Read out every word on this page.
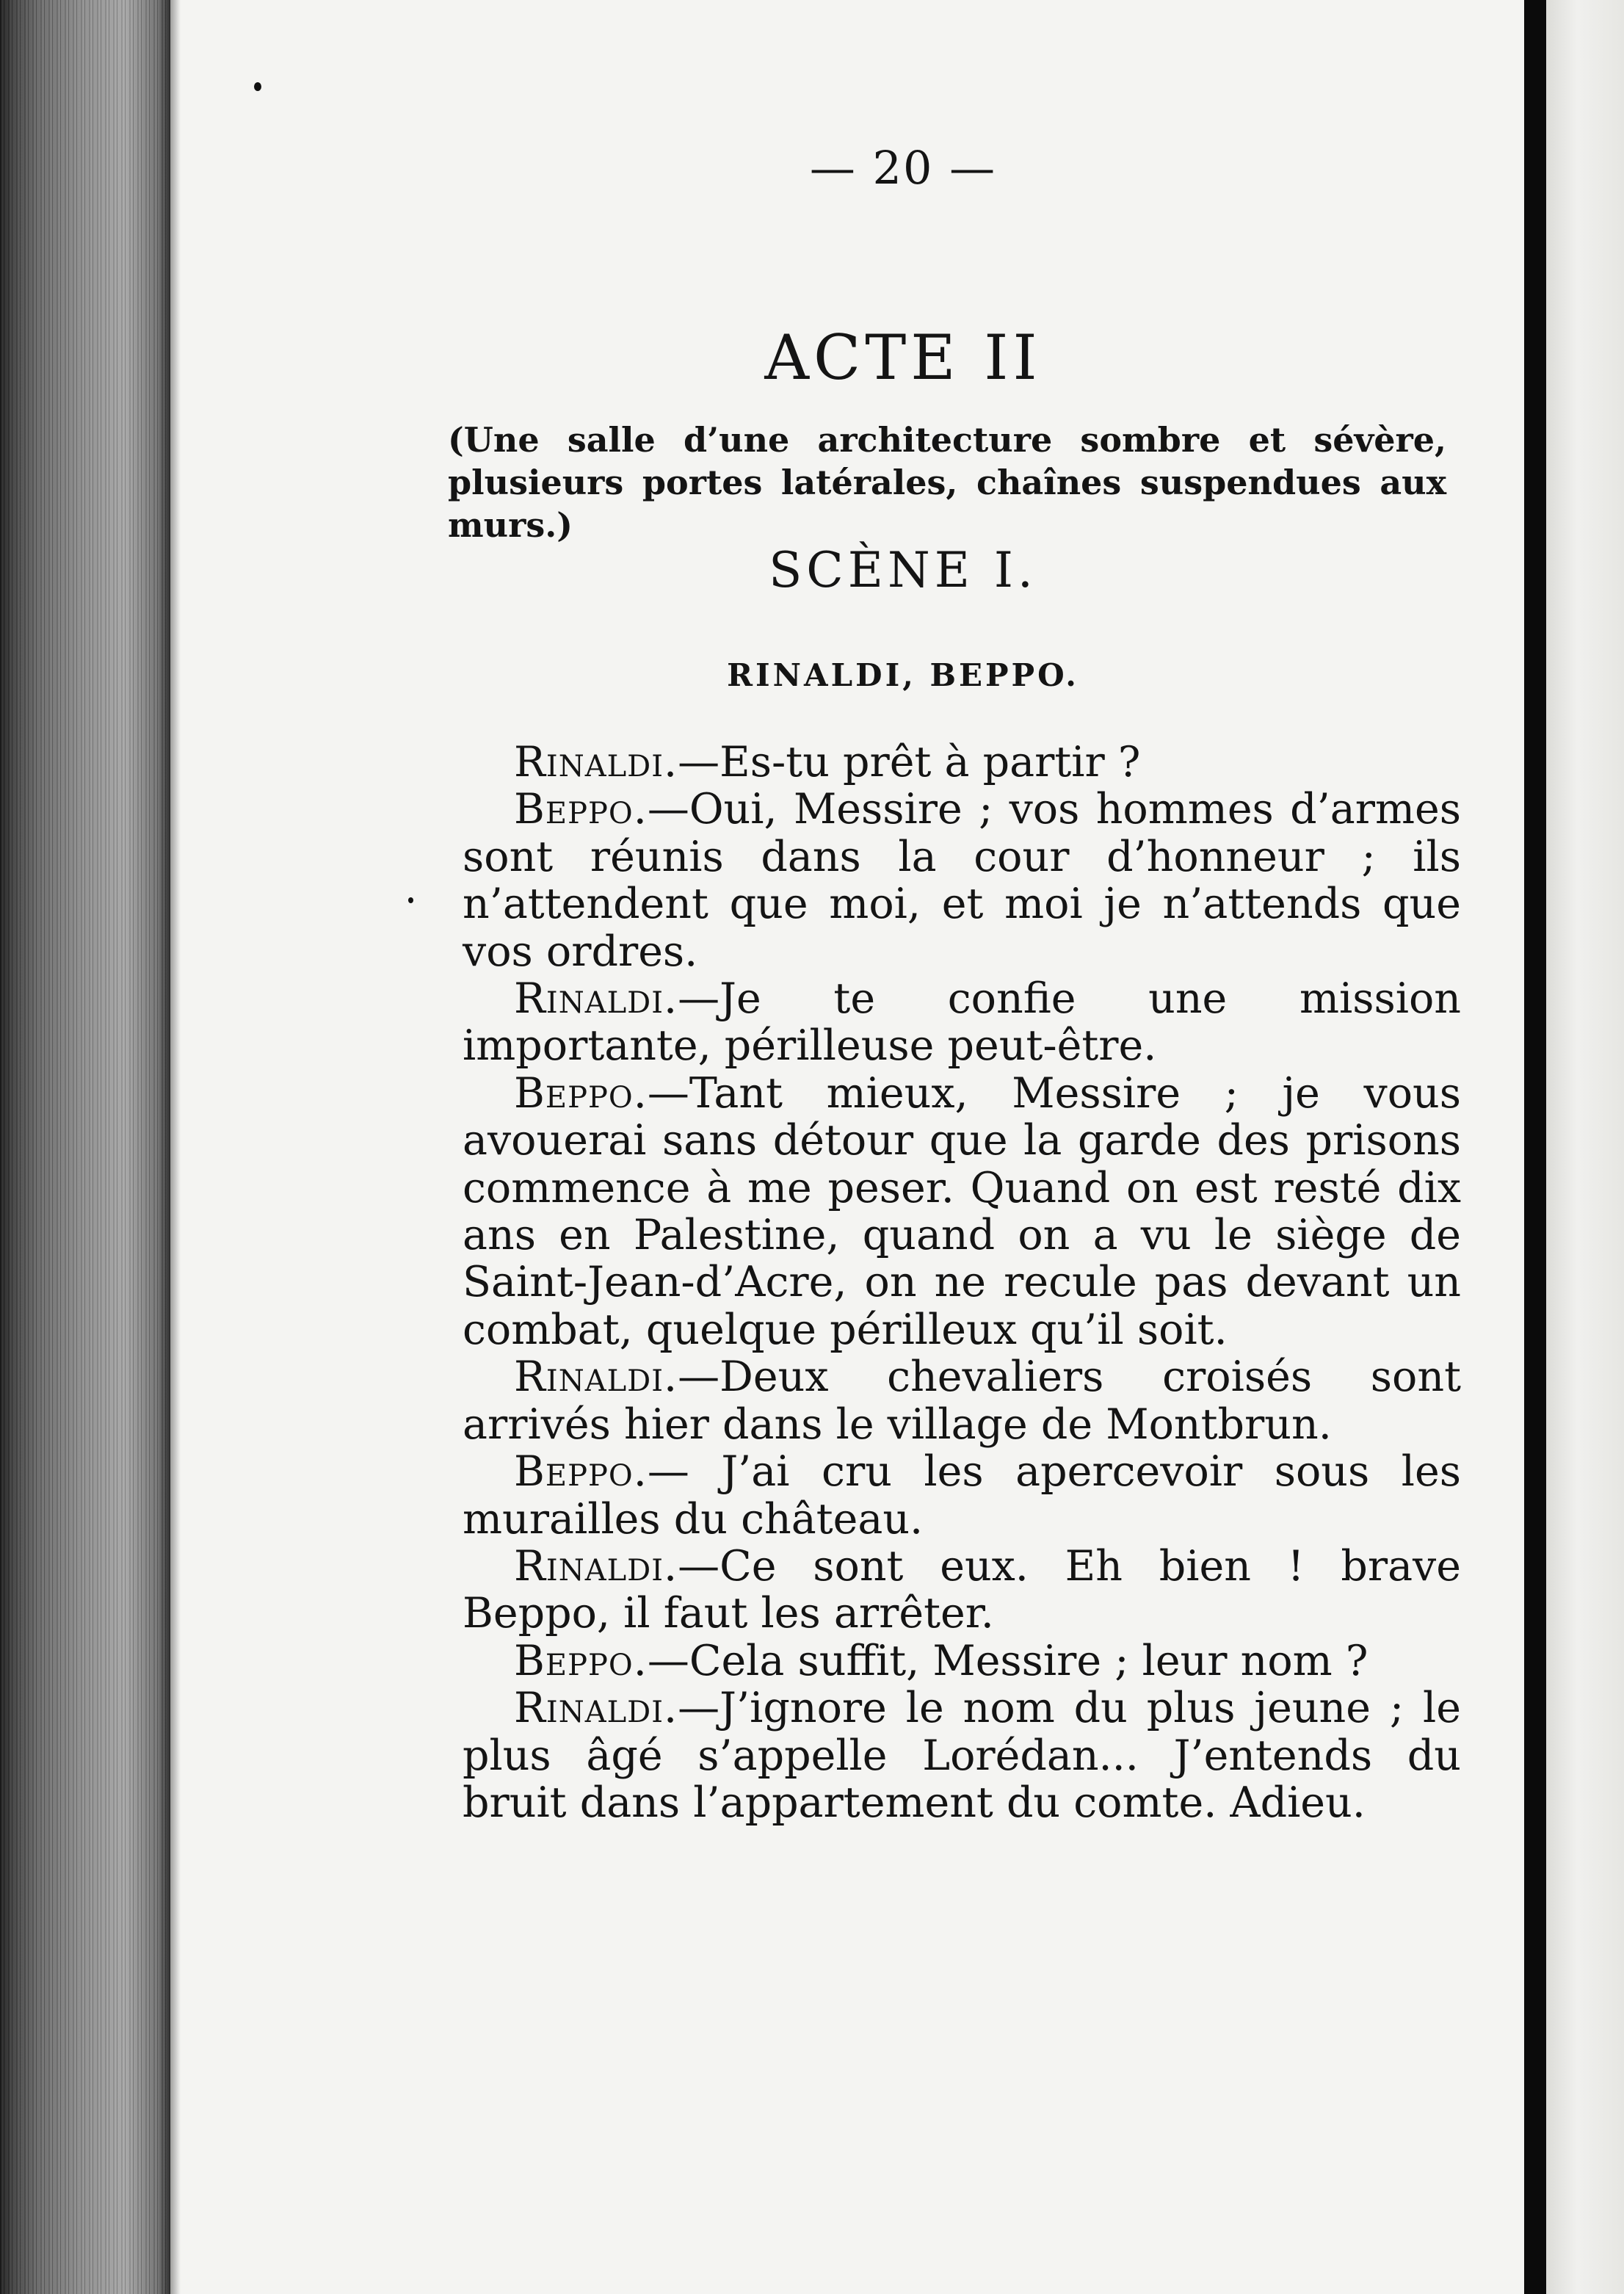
— 20 —
ACTE II
(Une salle d’une architecture sombre et sévère, plusieurs portes latérales, chaînes suspendues aux murs.)
SCÈNE I.
RINALDI, BEPPO.

Rinaldi.—Es-tu prêt à partir ?

Beppo.—Oui, Messire ; vos hommes d’armes sont réunis dans la cour d’honneur ; ils n’attendent que moi, et moi je n’attends que vos ordres.

Rinaldi.—Je te confie une mission importante, périlleuse peut-être.

Beppo.—Tant mieux, Messire ; je vous avouerai sans détour que la garde des prisons commence à me peser. Quand on est resté dix ans en Palestine, quand on a vu le siège de Saint-Jean-d’Acre, on ne recule pas devant un combat, quelque périlleux qu’il soit.

Rinaldi.—Deux chevaliers croisés sont arrivés hier dans le village de Montbrun.

Beppo.— J’ai cru les apercevoir sous les murailles du château.

Rinaldi.—Ce sont eux. Eh bien ! brave Beppo, il faut les arrêter.

Beppo.—Cela suffit, Messire ; leur nom ?

Rinaldi.—J’ignore le nom du plus jeune ; le plus âgé s’appelle Lorédan... J’entends du bruit dans l’appartement du comte. Adieu.
